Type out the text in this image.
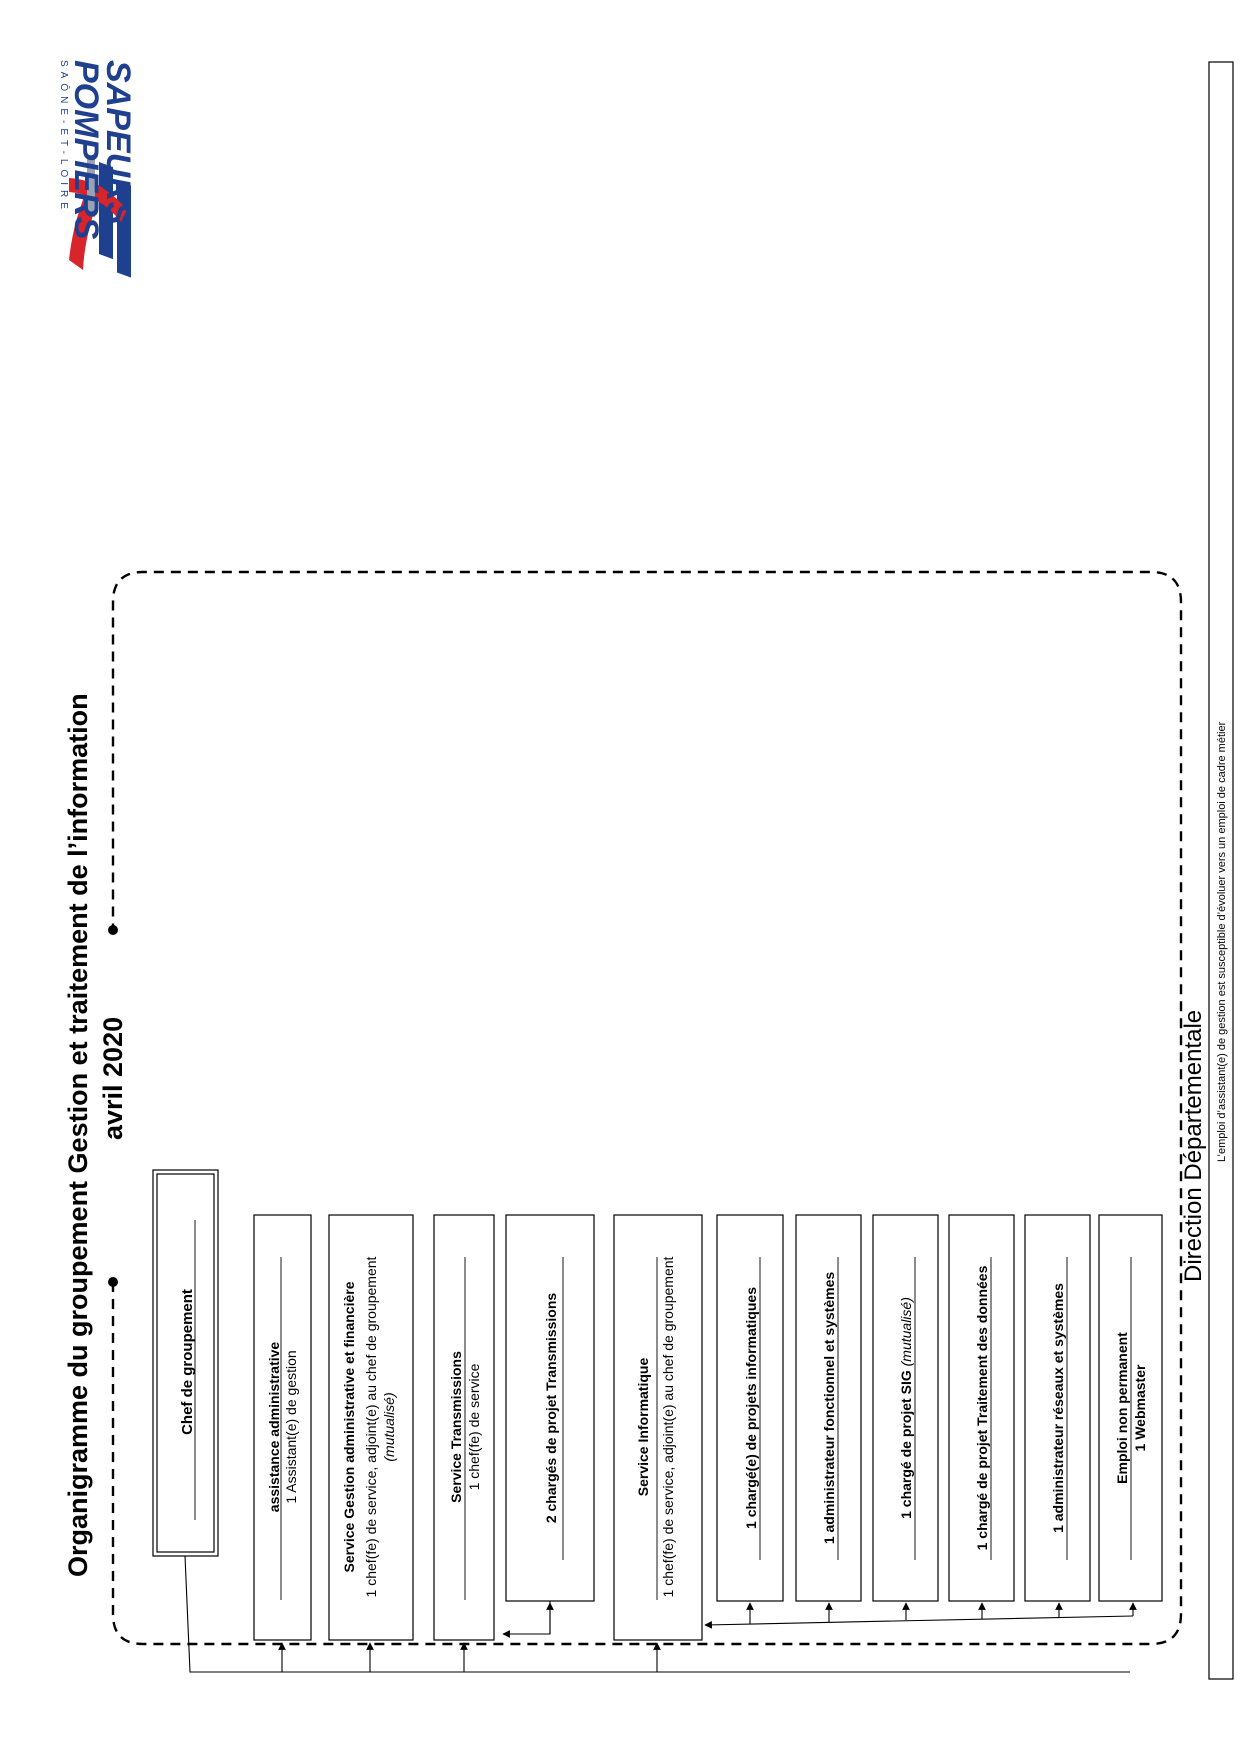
SAPEURS
POMPIERS
SAÔNE-ET-LOIRE
Organigramme du groupement Gestion et traitement de l’information avril 2020
Chef de groupement	assistance administrative 1 Assistant(e) de gestion	Service Gestion administrative et financière 1 chef(fe) de service, adjoint(e) au chef de groupement (mutualisé)	Service Transmissions 1 chef(fe) de service	2 chargés de projet Transmissions	Service Informatique 1 chef(fe) de service, adjoint(e) au chef de groupement	1 chargé(e) de projets informatiques	1 administrateur fonctionnel et systèmes	1 chargé de projet SIG (mutualisé)	1 chargé de projet Traitement des données	1 administrateur réseaux et systèmes	Emploi non permanent 1 Webmaster
Direction Départementale L’emploi d’assistant(e) de gestion est susceptible d’évoluer vers un emploi de cadre métier
